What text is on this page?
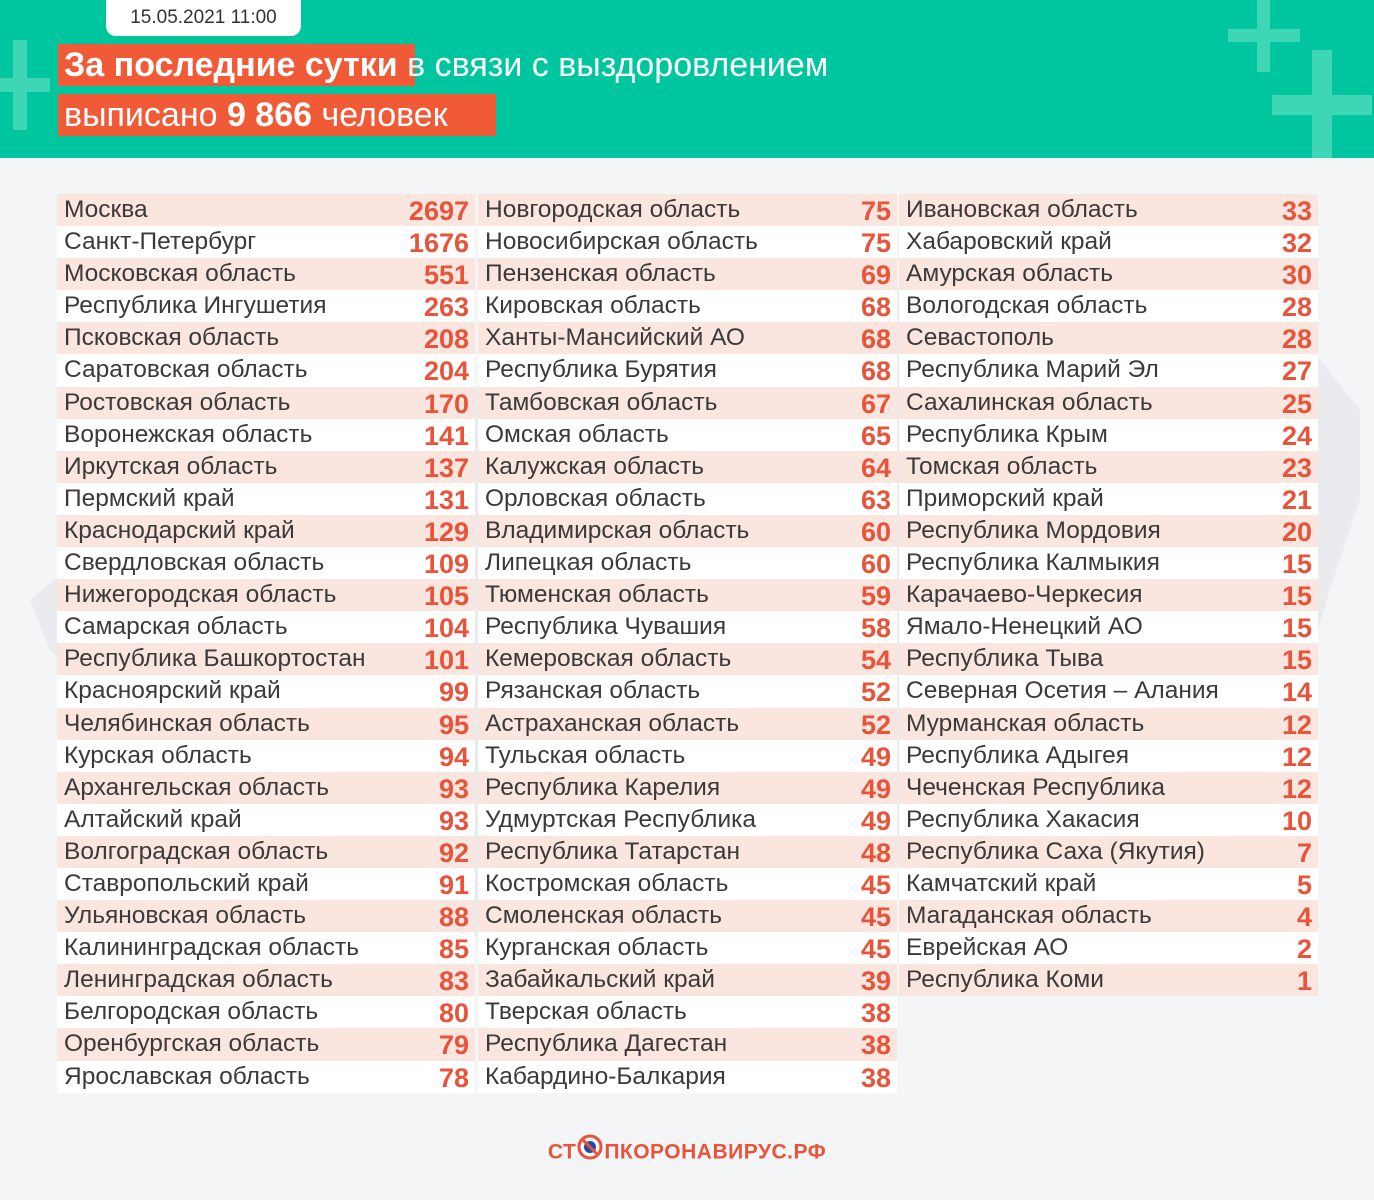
15.05.2021 11:00
За последние сутки в связи с выздоровлением
выписано 9 866 человек
Москва	2697
Санкт-Петербург	1676
Московская область	551
Республика Ингушетия	263
Псковская область	208
Саратовская область	204
Ростовская область	170
Воронежская область	141
Иркутская область	137
Пермский край	131
Краснодарский край	129
Свердловская область	109
Нижегородская область	105
Самарская область	104
Республика Башкортостан 101
Красноярский край	99
Челябинская область	95
Курская область	94
Архангельская область	93
Алтайский край	93
Волгоградская область	92
Ставропольский край	91
Ульяновская область	88
Калининградская область	85
Ленинградская область	83
Белгородская область	80
Оренбургская область	79
Ярославская область	78
Новгородская область	75
Новосибирская область	75
Пензенская область	69
Кировская область	68
Ханты-Мансийский АО	68
Республика Бурятия	68
Тамбовская область	67
Омская область	65
Калужская область	64
Орловская область	63
Владимирская область	60
Липецкая область	60
Тюменская область	59
Республика Чувашия	58
Кемеровская область	54
Рязанская область	52
Астраханская область	52
Тульская область	49
Республика Карелия	49
Удмуртская Республика	49
Республика Татарстан	48
Костромская область	45
Смоленская область	45
Курганская область	45
Забайкальский край	39
Тверская область	38
Республика Дагестан	38
Кабардино-Балкария	38
Ивановская область	33
Хабаровский край	32
Амурская область	30
Вологодская область	28
Севастополь	28
Республика Марий Эл	27
Сахалинская область	25
Республика Крым	24
Томская область	23
Приморский край	21
Республика Мордовия	20
Республика Калмыкия	15
Карачаево-Черкесия	15
Ямало-Ненецкий АО	15
Республика Тыва	15
Северная Осетия – Алания 14
Мурманская область	12
Республика Адыгея	12
Чеченская Республика	12
Республика Хакасия	10
Республика Саха (Якутия)	7
Камчатский край	5
Магаданская область	4
Еврейская АО	2
Республика Коми	1
СТ ПКОРОНАВИРУС.РФ
